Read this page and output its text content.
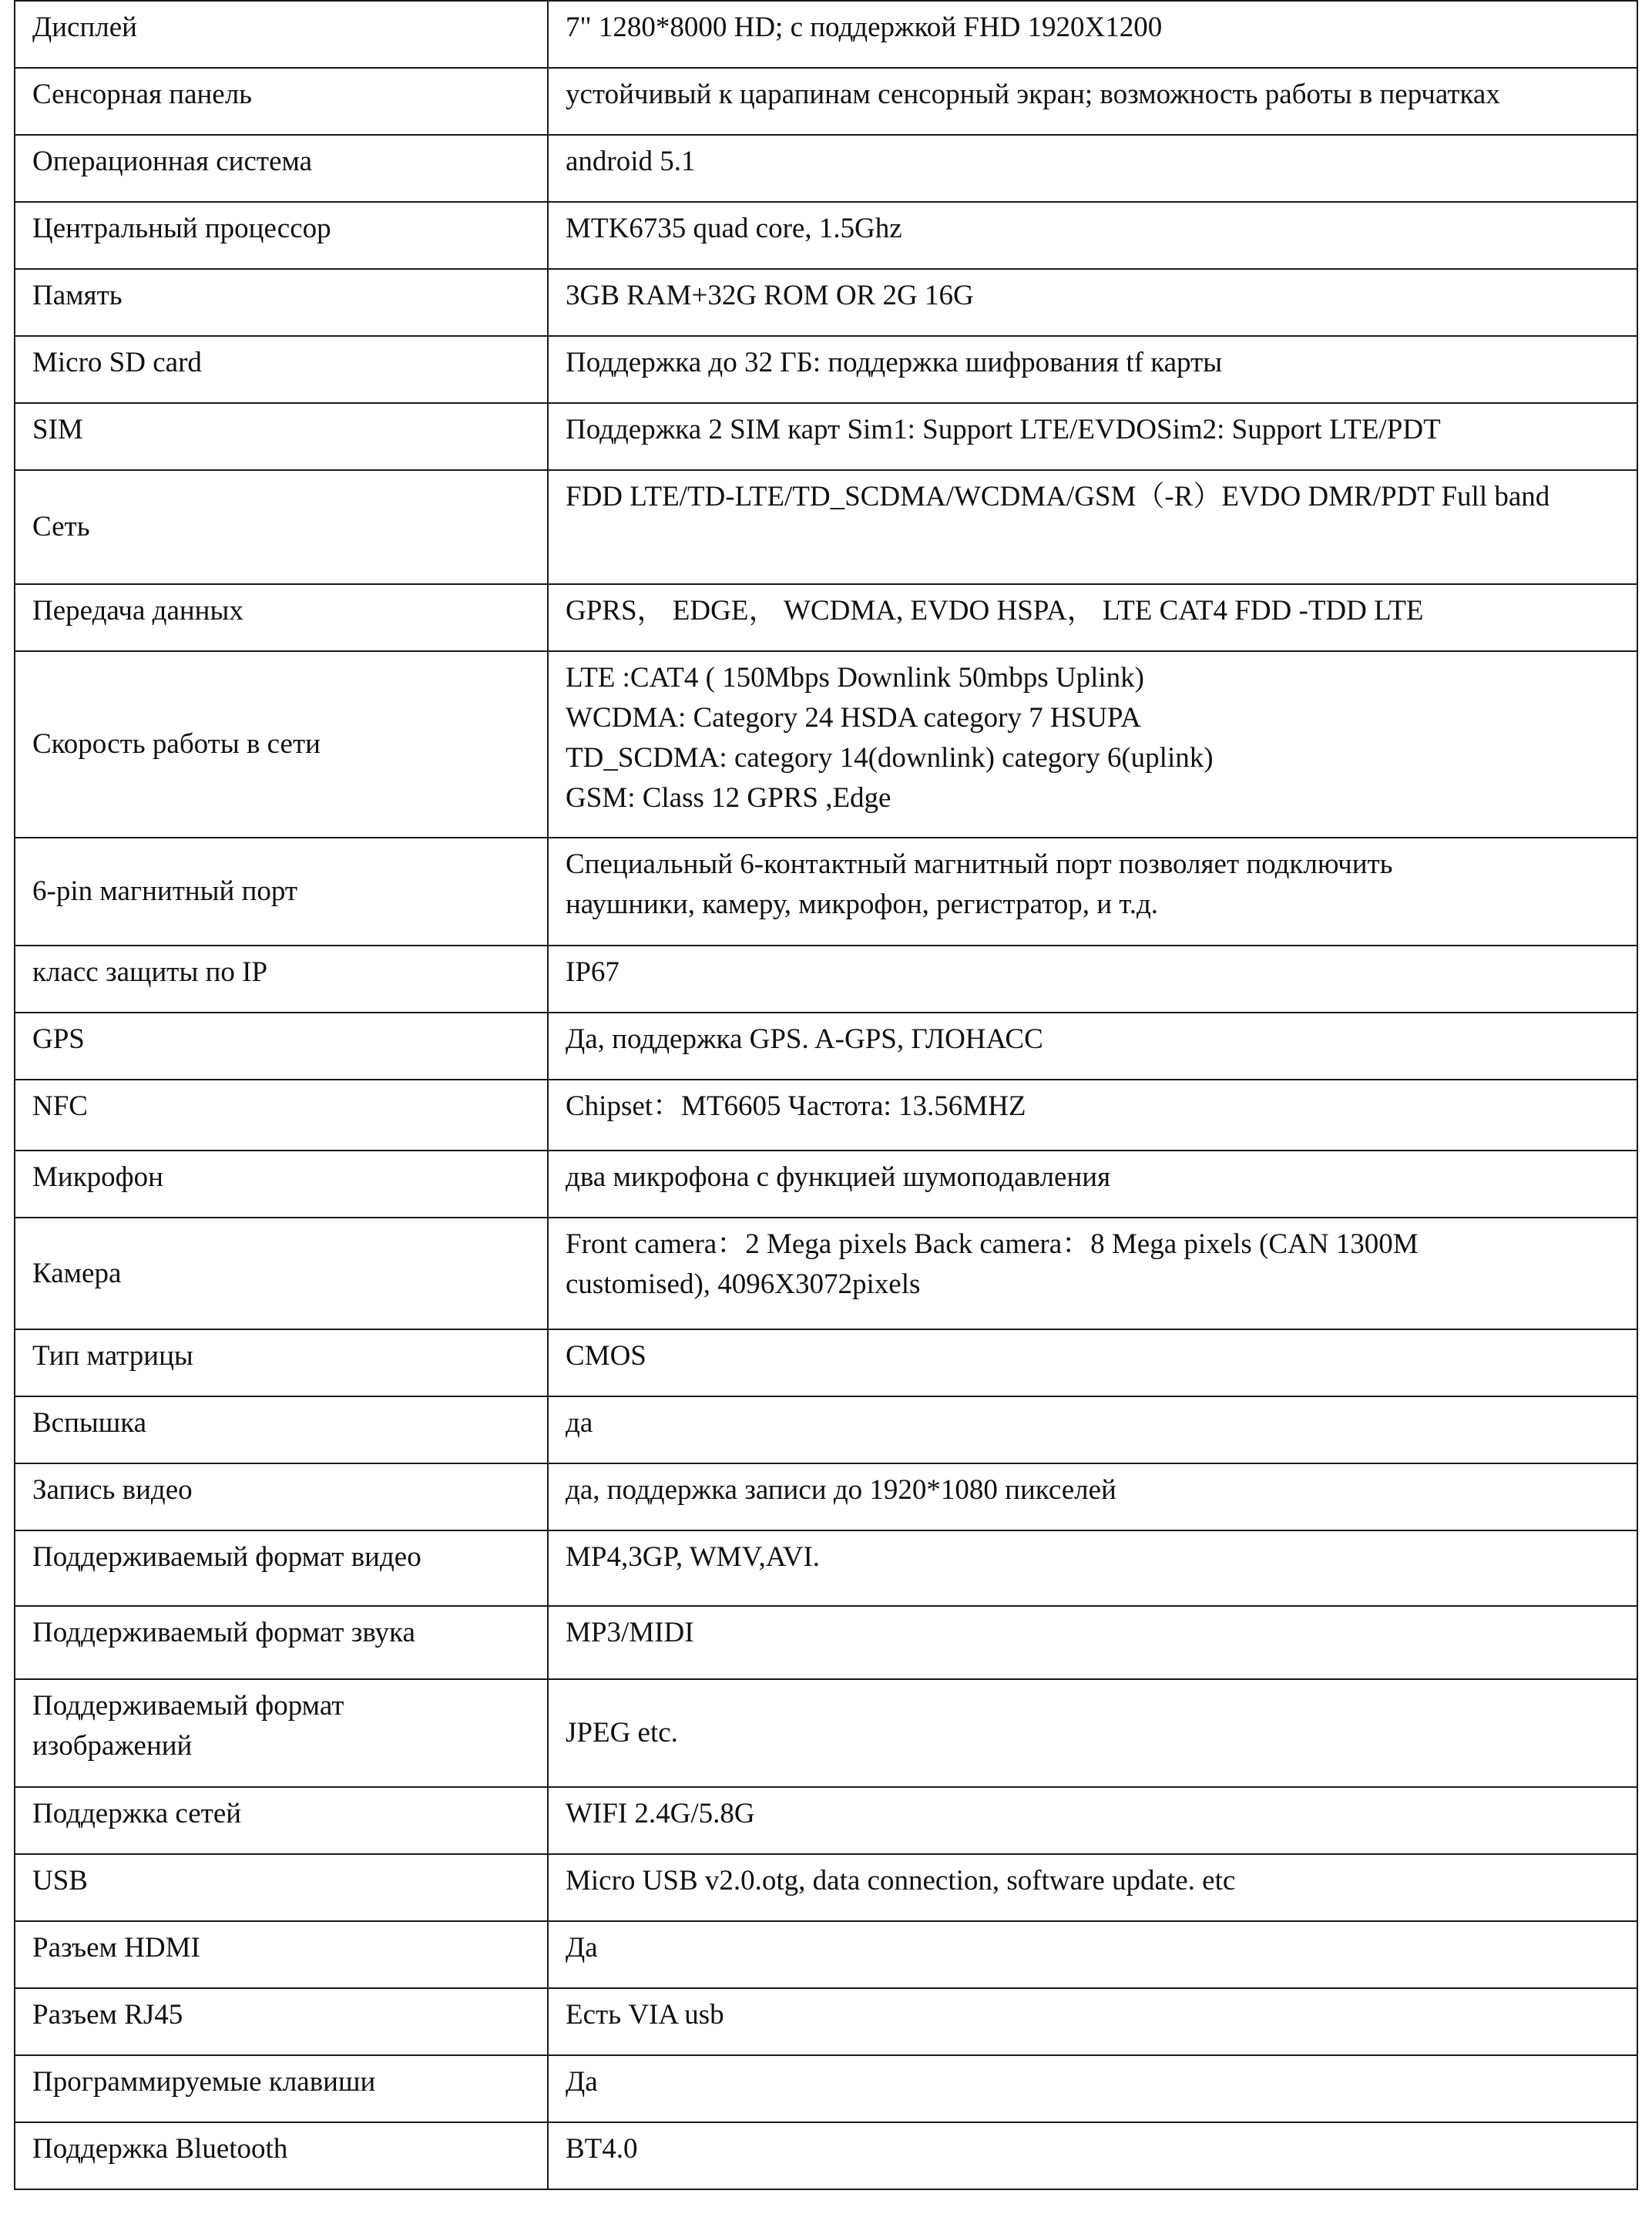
Дисплей	7" 1280*8000 HD; с поддержкой FHD 1920X1200
Сенсорная панель	устойчивый к царапинам сенсорный экран; возможность работы в перчатках
Операционная система	android 5.1
Центральный процессор	MTK6735 quad core, 1.5Ghz
Память	3GB RAM+32G ROM OR 2G 16G
Micro SD card	Поддержка до 32 ГБ: поддержка шифрования tf карты
SIM	Поддержка 2 SIM карт Sim1: Support LTE/EVDOSim2: Support LTE/PDT
Сеть	FDD LTE/TD-LTE/TD_SCDMA/WCDMA/GSM（-R）EVDO DMR/PDT Full band
Передача данных	GPRS， EDGE， WCDMA, EVDO HSPA， LTE CAT4 FDD -TDD LTE
Скорость работы в сети	LTE :CAT4 ( 150Mbps Downlink 50mbps Uplink)
WCDMA: Category 24 HSDA category 7 HSUPA
TD_SCDMA: category 14(downlink) category 6(uplink)
GSM: Class 12 GPRS ,Edge
6-pin магнитный порт	Специальный 6-контактный магнитный порт позволяет подключить
наушники, камеру, микрофон, регистратор, и т.д.
класс защиты по IP	IP67
GPS	Да, поддержка GPS. A-GPS, ГЛОНАСС
NFC	Chipset：MT6605 Частота: 13.56MHZ
Микрофон	два микрофона с функцией шумоподавления
Камера	Front camera：2 Mega pixels Back camera：8 Mega pixels (CAN 1300M
customised), 4096X3072pixels
Тип матрицы	CMOS
Вспышка	да
Запись видео	да, поддержка записи до 1920*1080 пикселей
Поддерживаемый формат видео	MP4,3GP, WMV,AVI.
Поддерживаемый формат звука	MP3/MIDI
Поддерживаемый формат
изображений	JPEG etc.
Поддержка сетей	WIFI 2.4G/5.8G
USB	Micro USB v2.0.otg, data connection, software update. etc
Разъем HDMI	Да
Разъем RJ45	Есть VIA usb
Программируемые клавиши	Да
Поддержка Bluetooth	BT4.0
